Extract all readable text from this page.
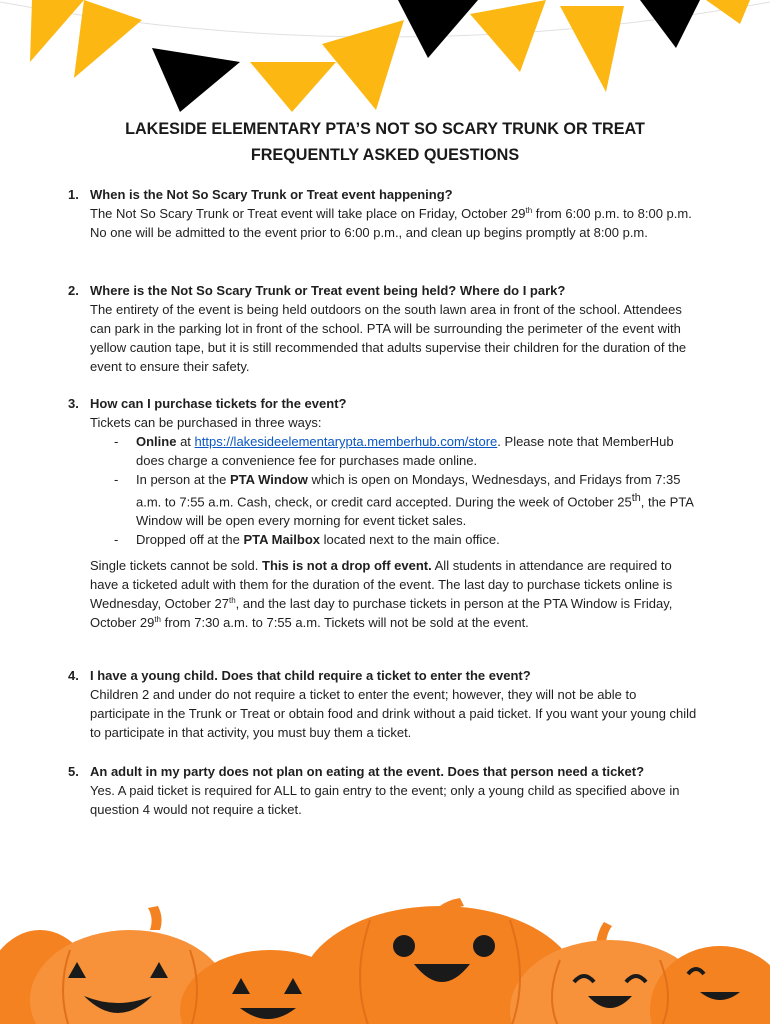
LAKESIDE ELEMENTARY PTA’S NOT SO SCARY TRUNK OR TREAT
FREQUENTLY ASKED QUESTIONS
1. When is the Not So Scary Trunk or Treat event happening?
The Not So Scary Trunk or Treat event will take place on Friday, October 29th from 6:00 p.m. to 8:00 p.m. No one will be admitted to the event prior to 6:00 p.m., and clean up begins promptly at 8:00 p.m.
2. Where is the Not So Scary Trunk or Treat event being held? Where do I park?
The entirety of the event is being held outdoors on the south lawn area in front of the school. Attendees can park in the parking lot in front of the school. PTA will be surrounding the perimeter of the event with yellow caution tape, but it is still recommended that adults supervise their children for the duration of the event to ensure their safety.
3. How can I purchase tickets for the event?
Tickets can be purchased in three ways:
- Online at https://lakesideelementarypta.memberhub.com/store. Please note that MemberHub does charge a convenience fee for purchases made online.
- In person at the PTA Window which is open on Mondays, Wednesdays, and Fridays from 7:35 a.m. to 7:55 a.m. Cash, check, or credit card accepted. During the week of October 25th, the PTA Window will be open every morning for event ticket sales.
- Dropped off at the PTA Mailbox located next to the main office.
Single tickets cannot be sold. This is not a drop off event. All students in attendance are required to have a ticketed adult with them for the duration of the event. The last day to purchase tickets online is Wednesday, October 27th, and the last day to purchase tickets in person at the PTA Window is Friday, October 29th from 7:30 a.m. to 7:55 a.m. Tickets will not be sold at the event.
4. I have a young child. Does that child require a ticket to enter the event?
Children 2 and under do not require a ticket to enter the event; however, they will not be able to participate in the Trunk or Treat or obtain food and drink without a paid ticket. If you want your young child to participate in that activity, you must buy them a ticket.
5. An adult in my party does not plan on eating at the event. Does that person need a ticket?
Yes. A paid ticket is required for ALL to gain entry to the event; only a young child as specified above in question 4 would not require a ticket.
